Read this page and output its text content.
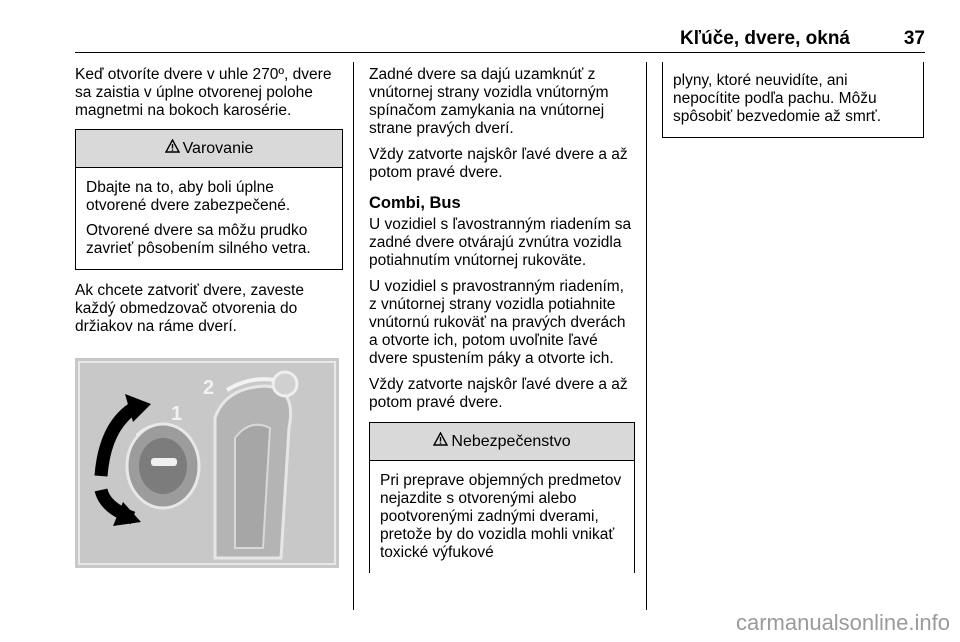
Kľúče, dvere, okná	37

Keď otvoríte dvere v uhle 270º, dvere sa zaistia v úplne otvorenej polohe magnetmi na bokoch karosérie.

Varovanie

Dbajte na to, aby boli úplne otvorené dvere zabezpečené.

Otvorené dvere sa môžu prudko zavrieť pôsobením silného vetra.

Ak chcete zatvoriť dvere, zaveste každý obmedzovač otvorenia do držiakov na ráme dverí.

1
2

Zadné dvere sa dajú uzamknúť z vnútornej strany vozidla vnútorným spínačom zamykania na vnútornej strane pravých dverí.

Vždy zatvorte najskôr ľavé dvere a až potom pravé dvere.

Combi, Bus

U vozidiel s ľavostranným riadením sa zadné dvere otvárajú zvnútra vozidla potiahnutím vnútornej rukoväte.

U vozidiel s pravostranným riadením, z vnútornej strany vozidla potiahnite vnútornú rukoväť na pravých dverách a otvorte ich, potom uvoľnite ľavé dvere spustením páky a otvorte ich.

Vždy zatvorte najskôr ľavé dvere a až potom pravé dvere.

Nebezpečenstvo

Pri preprave objemných predmetov nejazdite s otvorenými alebo pootvorenými zadnými dverami, pretože by do vozidla mohli vnikať toxické výfukové

plyny, ktoré neuvidíte, ani nepocítite podľa pachu. Môžu spôsobiť bezvedomie až smrť.

carmanualsonline.info
